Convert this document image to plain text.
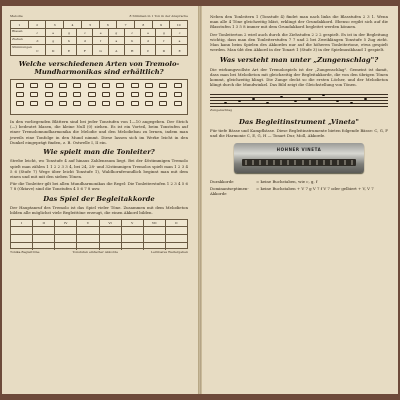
Melodie	8 Stimmen in 1 Ton in der Ansprache
1	2	3	4	5	6	7	8	9	10
Blasen	c	e	g	c	e	g	c	e	g	c
Ziehen	d	g	h	d	f	a	h	d	f	a
Stimmungen
C	D	E	F	G	A	H	C	D	E
Welche verschiedenen Arten von Tremolo-Mundharmonikas sind erhältlich?
In den vorliegenden Blättern sind bei jeder Tonstufen von 1—10 angegeben. Der Strich (—) bedeutet blasen, die kleine Null (0) ziehen. Es ist ein Vorteil, beim Tonstufen auf einer Tremolomundharmonika die Melodie und den Melodiebau zu lernen, indem man jeweils eine Tonfolge in den Mund nimmt. Diese lassen sich im Werke leicht in den Dunkel eingeprägt finden, z. B. Ostwelle I, II ein.
Wie spielt man die Tonleiter?
Strebe leicht, wo Tonstufe 4 auf hinaus Zahlenraum liegt. Bei der 40stimmigen Tremolo spielt man zählen 1 1 2 2 3 3 4, bei 24, 28- und 32stimmigen Tremolos spielt man 1 2 3 4 5 6 (Stufe 7) Wege über leicht Tonstufe 1), Waldhornfreundlich beginnt man mit dem einen und mit mit den sieben Tönen.
Für die Tonleiter gilt bei allen Mundharmonikas die Regel: Die Tonleiterstufen 1 2 3 4 5 6 7 8 (Oktave) sind die Tonstufen 4 5 6 7 8 usw.
Das Spiel der Begleitakkorde
Der Hauptanruf des Tremolo ist das Spiel vieler Töne. Zusammen mit dem Melodieton bilden alle möglichst viele Begleittöne erzeugt, die einen Akkord bilden.
I	II	IV	V	VI	V	VII	II
Tonika-Begleittöne	Tonstufen einfacher Akkorde	Lernbares Weitergehen
Neben den Tonleitern 1 (Tonstufe 4) findet man nach links die Blasstufen 2 3 1. Wenn man alle 4 Töne gleichzeitig bläst, erklingt der Grundakkord. Ebenso ergibt sich auf die Blasstufen 1 3 5 8 immer mit dem Grundakkord begleitet werden können.
Der Tonleiterton 2 wird auch durch die Ziehstufen 2 2 2 gespielt. Es ist in der Begleitung wichtig, dass man den Tonleiterstufen 7 7 und 2 bei Zweiklängen Tonstufe 5 Zug zieht. Man kann beim Spielen des Akkordes nur auf die höheren Tonleitertone, etwa gespielt werden. Man übt den Akkord in der Tonart 1 (Stufe 3) in der Spielmusikhand 1 gespielt.
Was versteht man unter „Zungenschlag"?
Die wirkungsvollste Art der Tremolospiels ist der „Zungenschlag". Gemeint ist damit, dass man bei Melodieton mit gleichzeitig der Begleitakkorde, die von den übrigen Tönen kommt, gleichzeitig klingt. Die Zunge deckt so die ersten Löcher, und der Melodieton klingt durch die Mundwinkel. Das Bild zeigt die Gleichstellung von Tönen.
Zungenschlag
Das Begleitinstrument „Vineta"
Für tiefe Bässe und Kampfbässe. Diese Begleitinstrumente bieten folgende Bässe: C, G, F und die Harmonie C, E, G, H — Tonart Dur, Moll, Akkorde.
HOHNER VINETA
Durakkorde	= keine Buchstaben, wie c, g, f
Dominantseptimen-Akkorde
= keine Buchstaben + V 7 g V 7 f V 7 oder gelbiert + V, V 7
